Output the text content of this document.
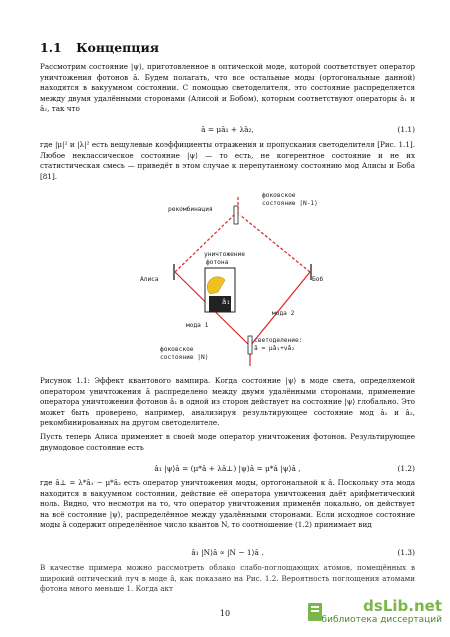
1.1 Концепция
Рассмотрим состояние |ψ⟩, приготовленное в оптической моде, которой соответствует оператор уничтожения фотонов â. Будем полагать, что все остальные моды (ортогональные данной) находятся в вакуумном состоянии. С помощью светоделителя, это состояние распределяется между двумя удалёнными сторонами (Алисой и Бобом), которым соответствуют операторы â₁ и â₂, так что
â = μâ₁ + λâ₂,	(1.1)
где |μ|² и |λ|² есть вещулевые коэффициенты отражения и пропускания светоделителя [Рис. 1.1]. Любое неклассическое состояние |ψ⟩ — то есть, не когерентное состояние и не их статистическая смесь — приведёт в этом случае к перепутанному состоянию мод Алисы и Боба [81].
рекомбинация
фоковское
состояние |N-1⟩
уничтожение
фотона
Алиса	Боб
â₁
мода 1
мода 2
светоделение:
â = μâ₁+νâ₂
фоковское
состояние |N⟩
Рисунок 1.1: Эффект квантового вампира. Когда состояние |ψ⟩ в моде света, определяемой оператором уничтожения â распределено между двумя удалёнными сторонами, применение оператора уничтожения фотонов â₁ в одной из сторон действует на состояние |ψ⟩ глобально. Это может быть проверено, например, анализируя результирующее состояние мод â₁ и â₂, рекомбинированных на другом светоделителе.
Пусть теперь Алиса применяет в своей моде оператор уничтожения фотонов. Результирующее двумодовое состояние есть
â₁ |ψ⟩â = (μ*â + λâ⊥) |ψ⟩â = μ*â |ψ⟩â ,	(1.2)
где â⊥ = λ*â₁ − μ*â₂ есть оператор уничтожения моды, ортогональной к â. Поскольку эта мода находится в вакуумном состоянии, действие её оператора уничтожения даёт арифметический ноль. Видно, что несмотря на то, что оператор уничтожения применён локально, он действует на всё состояние |ψ⟩, распределённое между удалёнными сторонами. Если исходное состояние моды â содержит определённое число квантов N, то соотношение (1.2) принимает вид
â₁ |N⟩â ∝ |N − 1⟩â .	(1.3)
В качестве примера можно рассмотреть облако слабо-поглощающих атомов, помещённых в широкий оптический луч в моде â, как показано на Рис. 1.2. Вероятность поглощения атомами фотона много меньше 1. Когда акт
10	dsLib.net
библиотека диссертаций
